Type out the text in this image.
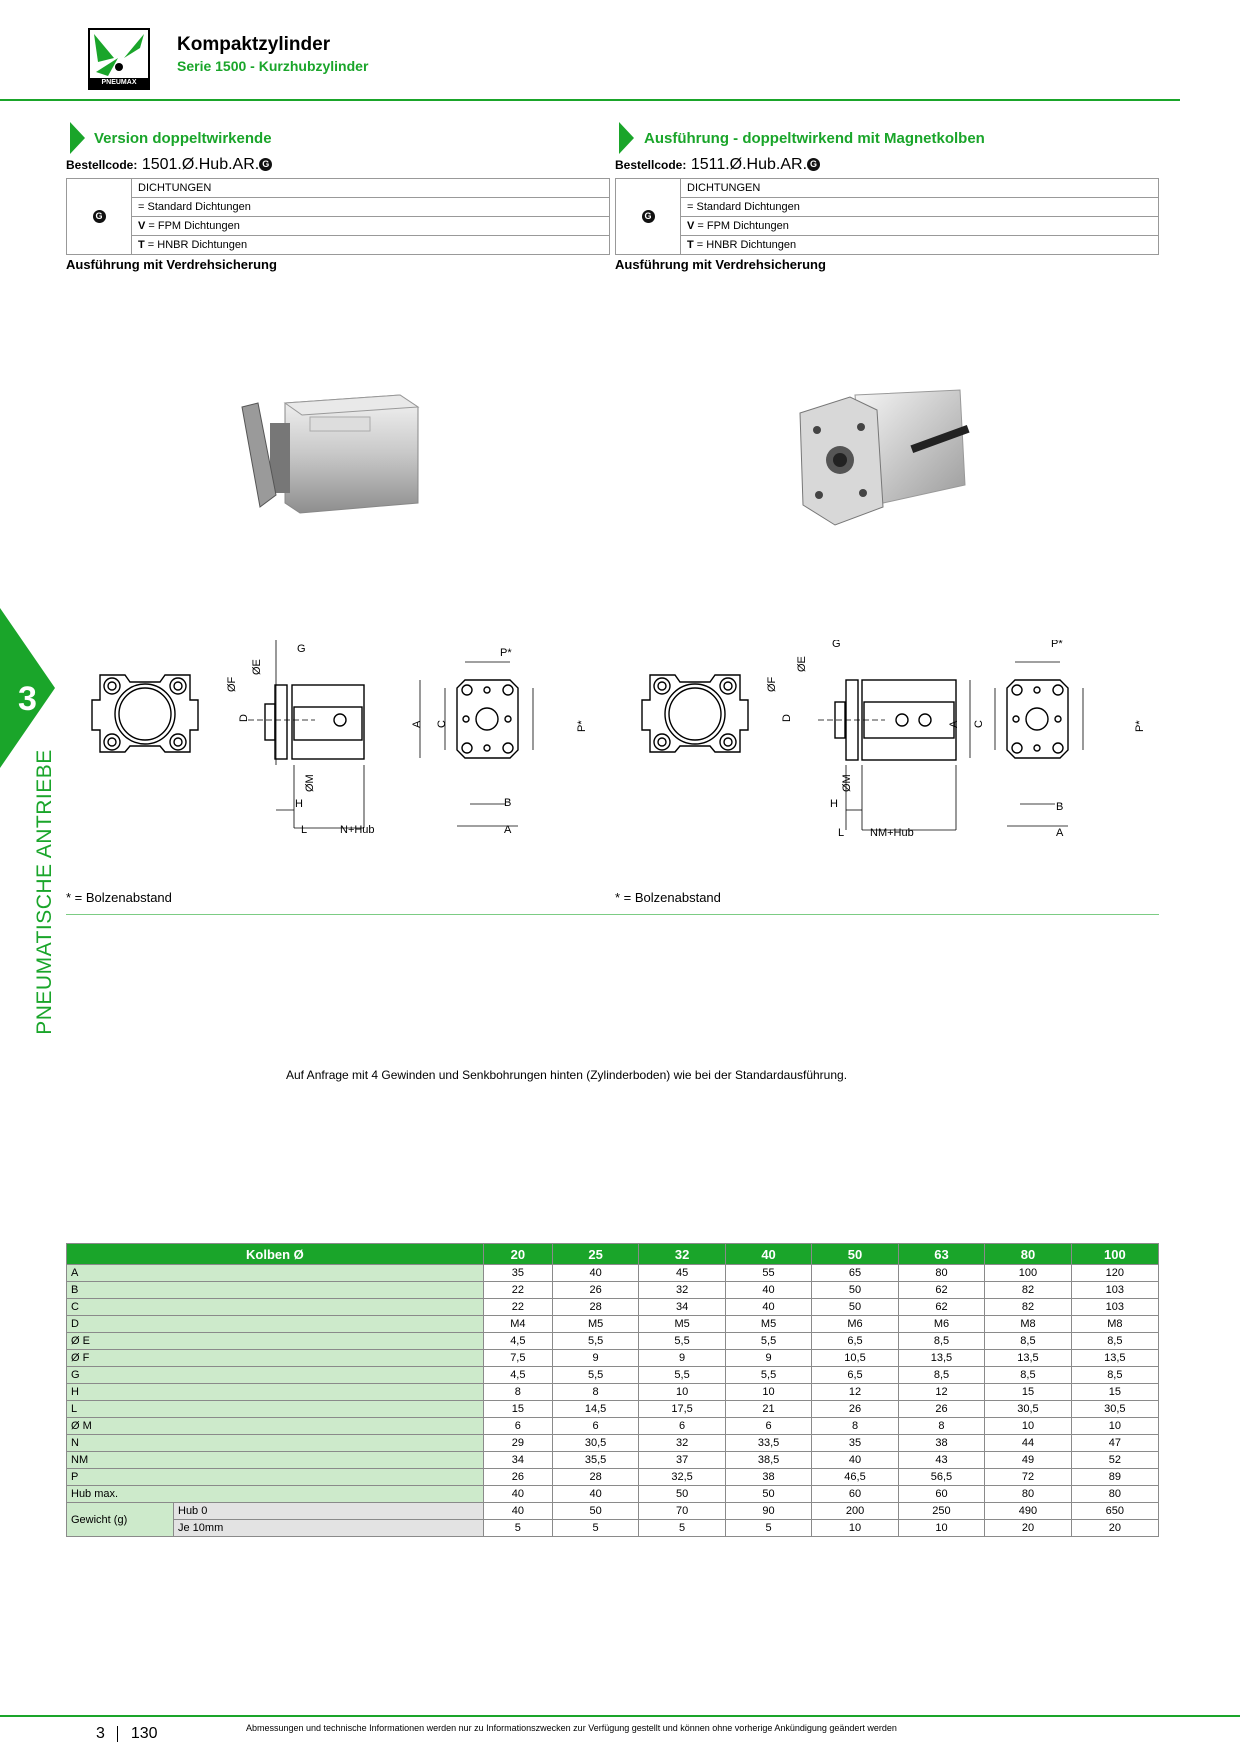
PNEUMAX
Kompaktzylinder
Serie 1500 - Kurzhubzylinder
3
PNEUMATISCHE ANTRIEBE
Version doppeltwirkende
Bestellcode: 1501.Ø.Hub.AR. G
G	DICHTUNGEN
= Standard Dichtungen
V = FPM Dichtungen
T = HNBR Dichtungen
Ausführung mit Verdrehsicherung
Ausführung - doppeltwirkend mit Magnetkolben
Bestellcode: 1511.Ø.Hub.AR. G
G	DICHTUNGEN
= Standard Dichtungen
V = FPM Dichtungen
T = HNBR Dichtungen
Ausführung mit Verdrehsicherung
G
ØE
ØF
D
ØM
H
L	N+Hub
A C
P*
P*
B
A
G
ØE
ØF
D
ØM
H
L NM+Hub
A C
P*
P*
B
A
* = Bolzenabstand	* = Bolzenabstand
Auf Anfrage mit 4 Gewinden und Senkbohrungen hinten (Zylinderboden) wie bei der Standardausführung.
Kolben Ø		20	25	32	40	50	63	80	100
A		35	40	45	55	65	80	100	120
B		22	26	32	40	50	62	82	103
C		22	28	34	40	50	62	82	103
D		M4	M5	M5	M5	M6	M6	M8	M8
Ø E		4,5	5,5	5,5	5,5	6,5	8,5	8,5	8,5
Ø F		7,5	9	9	9	10,5	13,5	13,5	13,5
G		4,5	5,5	5,5	5,5	6,5	8,5	8,5	8,5
H		8	8	10	10	12	12	15	15
L		15	14,5	17,5	21	26	26	30,5	30,5
Ø M		6	6	6	6	8	8	10	10
N		29	30,5	32	33,5	35	38	44	47
NM		34	35,5	37	38,5	40	43	49	52
P		26	28	32,5	38	46,5	56,5	72	89
Hub max.		40	40	50	50	60	60	80	80
Gewicht (g)	Hub 0	40	50	70	90	200	250	490	650
	Je 10mm	5	5	5	5	10	10	20	20
3 130	Abmessungen und technische Informationen werden nur zu Informationszwecken zur Verfügung gestellt und können ohne vorherige Ankündigung geändert werden
